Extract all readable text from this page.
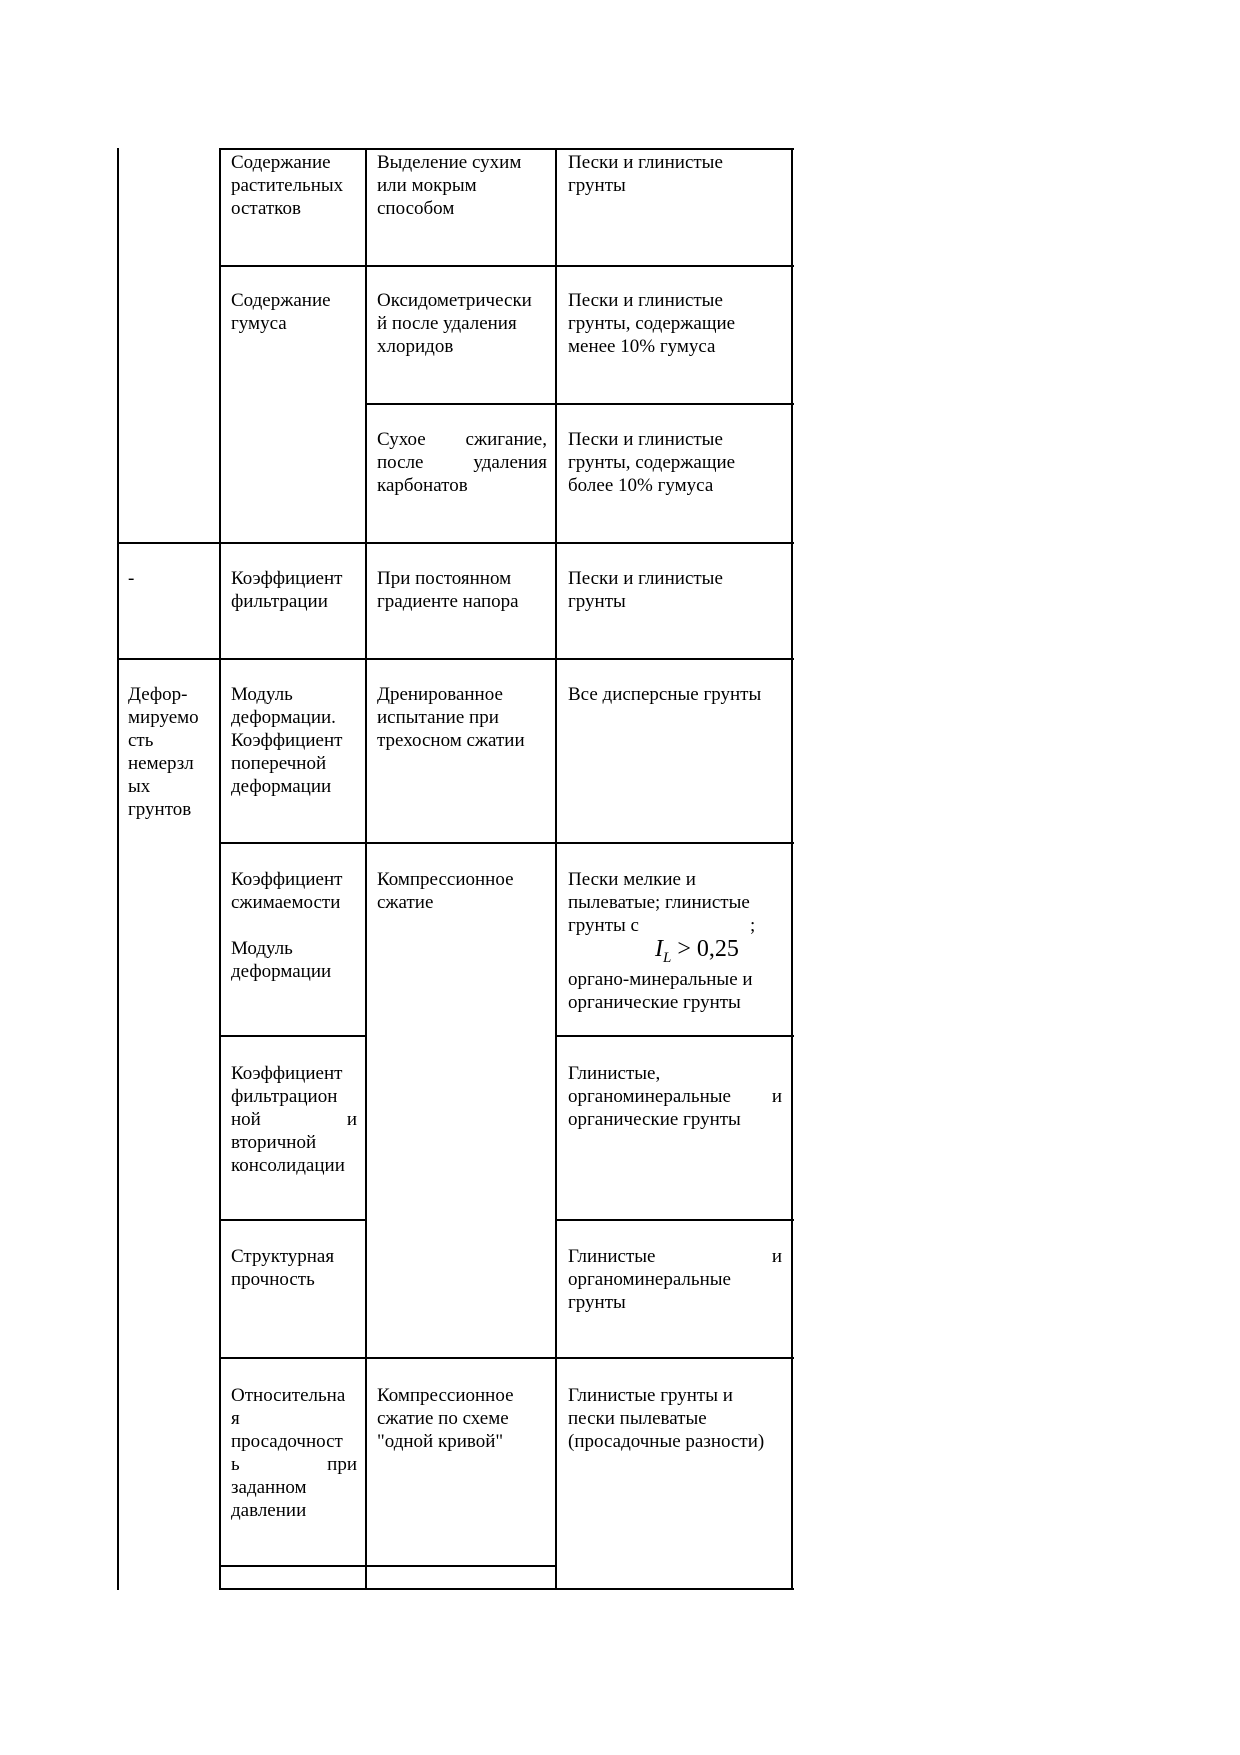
Содержание
растительных
остатков
Выделение сухим
или мокрым
способом
Пески и глинистые
грунты
Содержание
гумуса
Оксидометрически
й после удаления
хлоридов
Пески и глинистые
грунты, содержащие
менее 10% гумуса
Сухое сжигание,
после удаления
карбонатов
Пески и глинистые
грунты, содержащие
более 10% гумуса
-	Коэффициент
фильтрации
При постоянном
градиенте напора
Пески и глинистые
грунты
Дефор-
мируемо
сть
немерзл
ых
грунтов
Модуль
деформации.
Коэффициент
поперечной
деформации
Дренированное
испытание при
трехосном сжатии
Все дисперсные грунты
Коэффициент
сжимаемости

Модуль
деформации
Компрессионное
сжатие
Пески мелкие и
пылеватые; глинистые
грунты с	;
$I_L > 0,25$
органо-минеральные и
органические грунты
Коэффициент
фильтрацион
ной и
вторичной
консолидации
Глинистые,
органоминеральные и
органические грунты
Структурная
прочность
Глинистые и
органоминеральные
грунты
Относительна
я
просадочност
ь при
заданном
давлении
Компрессионное
сжатие по схеме
"одной кривой"
Глинистые грунты и
пески пылеватые
(просадочные разности)
